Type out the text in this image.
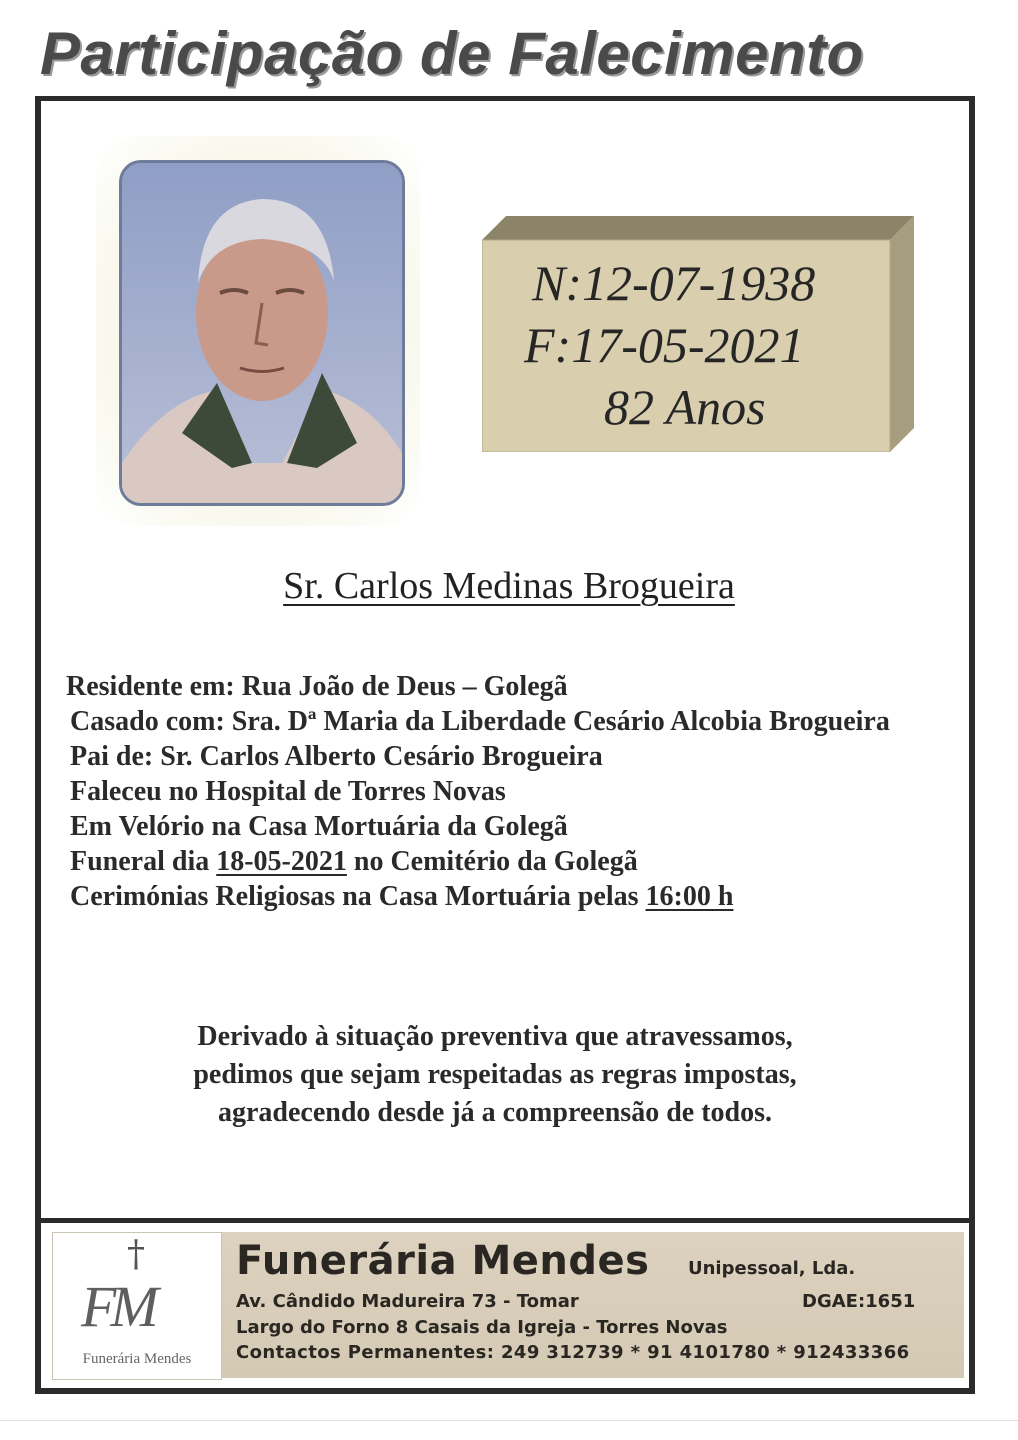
Participação de Falecimento
N:12-07-1938
F:17-05-2021
82 Anos
Sr. Carlos Medinas Brogueira
Residente em: Rua João de Deus – Golegã
Casado com: Sra. Dª Maria da Liberdade Cesário Alcobia Brogueira
Pai de: Sr. Carlos Alberto Cesário Brogueira
Faleceu no Hospital de Torres Novas
Em Velório na Casa Mortuária da Golegã
Funeral dia 18-05-2021 no Cemitério da Golegã
Cerimónias Religiosas na Casa Mortuária pelas 16:00 h
Derivado à situação preventiva que atravessamos,
pedimos que sejam respeitadas as regras impostas,
agradecendo desde já a compreensão de todos.
†
FM
Funerária Mendes
Funerária Mendes Unipessoal, Lda.
Av. Cândido Madureira 73 - Tomar	DGAE:1651
Largo do Forno 8 Casais da Igreja - Torres Novas
Contactos Permanentes: 249 312739 * 91 4101780 * 912433366
